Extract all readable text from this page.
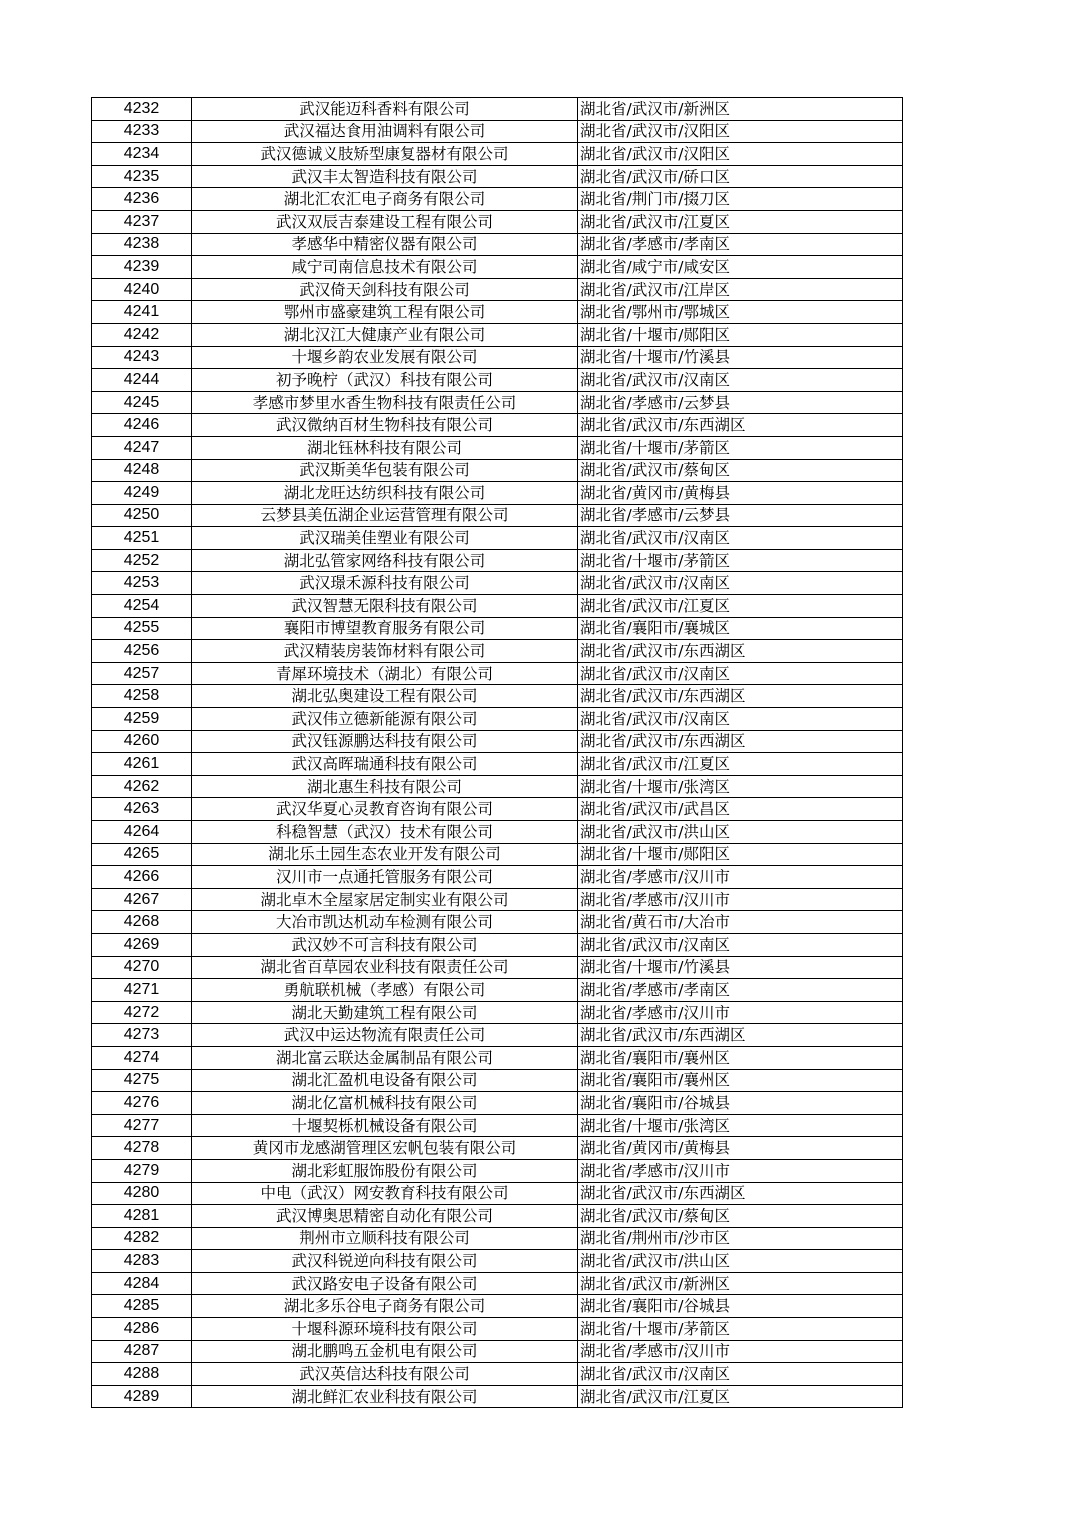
4232	武汉能迈科香料有限公司	湖北省/武汉市/新洲区
4233	武汉福达食用油调料有限公司	湖北省/武汉市/汉阳区
4234	武汉德诚义肢矫型康复器材有限公司	湖北省/武汉市/汉阳区
4235	武汉丰太智造科技有限公司	湖北省/武汉市/硚口区
4236	湖北汇农汇电子商务有限公司	湖北省/荆门市/掇刀区
4237	武汉双辰吉泰建设工程有限公司	湖北省/武汉市/江夏区
4238	孝感华中精密仪器有限公司	湖北省/孝感市/孝南区
4239	咸宁司南信息技术有限公司	湖北省/咸宁市/咸安区
4240	武汉倚天剑科技有限公司	湖北省/武汉市/江岸区
4241	鄂州市盛豪建筑工程有限公司	湖北省/鄂州市/鄂城区
4242	湖北汉江大健康产业有限公司	湖北省/十堰市/郧阳区
4243	十堰乡韵农业发展有限公司	湖北省/十堰市/竹溪县
4244	初予晚柠（武汉）科技有限公司	湖北省/武汉市/汉南区
4245	孝感市梦里水香生物科技有限责任公司	湖北省/孝感市/云梦县
4246	武汉微纳百材生物科技有限公司	湖北省/武汉市/东西湖区
4247	湖北钰林科技有限公司	湖北省/十堰市/茅箭区
4248	武汉斯美华包装有限公司	湖北省/武汉市/蔡甸区
4249	湖北龙旺达纺织科技有限公司	湖北省/黄冈市/黄梅县
4250	云梦县美伍湖企业运营管理有限公司	湖北省/孝感市/云梦县
4251	武汉瑞美佳塑业有限公司	湖北省/武汉市/汉南区
4252	湖北弘管家网络科技有限公司	湖北省/十堰市/茅箭区
4253	武汉璟禾源科技有限公司	湖北省/武汉市/汉南区
4254	武汉智慧无限科技有限公司	湖北省/武汉市/江夏区
4255	襄阳市博望教育服务有限公司	湖北省/襄阳市/襄城区
4256	武汉精装房装饰材料有限公司	湖北省/武汉市/东西湖区
4257	青犀环境技术（湖北）有限公司	湖北省/武汉市/汉南区
4258	湖北弘奥建设工程有限公司	湖北省/武汉市/东西湖区
4259	武汉伟立德新能源有限公司	湖北省/武汉市/汉南区
4260	武汉钰源鹏达科技有限公司	湖北省/武汉市/东西湖区
4261	武汉高晖瑞通科技有限公司	湖北省/武汉市/江夏区
4262	湖北惠生科技有限公司	湖北省/十堰市/张湾区
4263	武汉华夏心灵教育咨询有限公司	湖北省/武汉市/武昌区
4264	科稳智慧（武汉）技术有限公司	湖北省/武汉市/洪山区
4265	湖北乐土园生态农业开发有限公司	湖北省/十堰市/郧阳区
4266	汉川市一点通托管服务有限公司	湖北省/孝感市/汉川市
4267	湖北卓木全屋家居定制实业有限公司	湖北省/孝感市/汉川市
4268	大冶市凯达机动车检测有限公司	湖北省/黄石市/大冶市
4269	武汉妙不可言科技有限公司	湖北省/武汉市/汉南区
4270	湖北省百草园农业科技有限责任公司	湖北省/十堰市/竹溪县
4271	勇航联机械（孝感）有限公司	湖北省/孝感市/孝南区
4272	湖北天勤建筑工程有限公司	湖北省/孝感市/汉川市
4273	武汉中运达物流有限责任公司	湖北省/武汉市/东西湖区
4274	湖北富云联达金属制品有限公司	湖北省/襄阳市/襄州区
4275	湖北汇盈机电设备有限公司	湖北省/襄阳市/襄州区
4276	湖北亿富机械科技有限公司	湖北省/襄阳市/谷城县
4277	十堰契栎机械设备有限公司	湖北省/十堰市/张湾区
4278	黄冈市龙感湖管理区宏帆包装有限公司	湖北省/黄冈市/黄梅县
4279	湖北彩虹服饰股份有限公司	湖北省/孝感市/汉川市
4280	中电（武汉）网安教育科技有限公司	湖北省/武汉市/东西湖区
4281	武汉博奥思精密自动化有限公司	湖北省/武汉市/蔡甸区
4282	荆州市立顺科技有限公司	湖北省/荆州市/沙市区
4283	武汉科锐逆向科技有限公司	湖北省/武汉市/洪山区
4284	武汉路安电子设备有限公司	湖北省/武汉市/新洲区
4285	湖北多乐谷电子商务有限公司	湖北省/襄阳市/谷城县
4286	十堰科源环境科技有限公司	湖北省/十堰市/茅箭区
4287	湖北鹏鸣五金机电有限公司	湖北省/孝感市/汉川市
4288	武汉英信达科技有限公司	湖北省/武汉市/汉南区
4289	湖北鲜汇农业科技有限公司	湖北省/武汉市/江夏区
